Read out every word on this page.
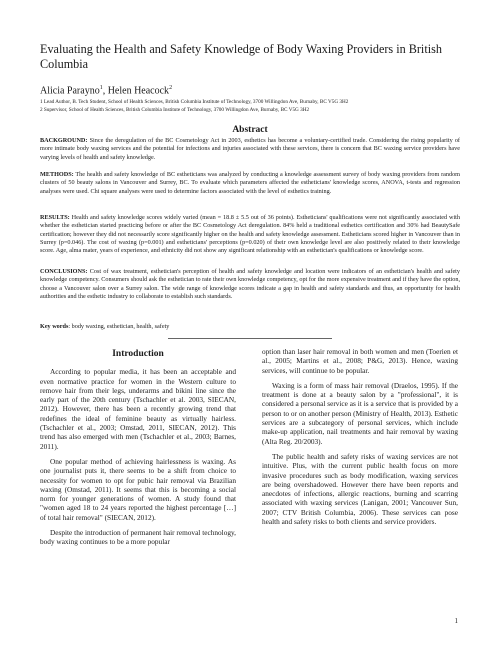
Evaluating the Health and Safety Knowledge of Body Waxing Providers in British Columbia
Alicia Parayno$^1$, Helen Heacock$^2$
1 Lead Author, B. Tech Student, School of Health Sciences, British Columbia Institute of Technology, 3700 Willingdon Ave, Burnaby, BC V5G 3H2
2 Supervisor, School of Health Sciences, British Columbia Institute of Technology, 3700 Willingdon Ave, Burnaby, BC V5G 3H2
Abstract

BACKGROUND: Since the deregulation of the BC Cosmetology Act in 2003, esthetics has become a voluntary-certified trade. Considering the rising popularity of more intimate body waxing services and the potential for infections and injuries associated with these services, there is concern that BC waxing service providers have varying levels of health and safety knowledge.

METHODS: The health and safety knowledge of BC estheticians was analyzed by conducting a knowledge assessment survey of body waxing providers from random clusters of 50 beauty salons in Vancouver and Surrey, BC. To evaluate which parameters affected the estheticians' knowledge scores, ANOVA, t-tests and regression analyses were used. Chi square analyses were used to determine factors associated with the level of esthetics training.

RESULTS: Health and safety knowledge scores widely varied (mean = 18.8 ± 5.5 out of 36 points). Estheticians' qualifications were not significantly associated with whether the esthetician started practicing before or after the BC Cosmetology Act deregulation. 84% held a traditional esthetics certification and 30% had BeautySafe certification; however they did not necessarily score significantly higher on the health and safety knowledge assessment. Estheticians scored higher in Vancouver than in Surrey (p=0.046). The cost of waxing (p=0.001) and estheticians' perceptions (p=0.020) of their own knowledge level are also positively related to their knowledge score. Age, alma mater, years of experience, and ethnicity did not show any significant relationship with an esthetician's qualifications or knowledge score.

CONCLUSIONS: Cost of wax treatment, esthetician's perception of health and safety knowledge and location were indicators of an esthetician's health and safety knowledge competency. Consumers should ask the esthetician to rate their own knowledge competency, opt for the more expensive treatment and if they have the option, choose a Vancouver salon over a Surrey salon. The wide range of knowledge scores indicate a gap in health and safety standards and thus, an opportunity for health authorities and the esthetic industry to collaborate to establish such standards.

Key words: body waxing, esthetician, health, safety

Introduction

According to popular media, it has been an acceptable and even normative practice for women in the Western culture to remove hair from their legs, underarms and bikini line since the early part of the 20th century (Tschachler et al. 2003, SIECAN, 2012). However, there has been a recently growing trend that redefines the ideal of feminine beauty as virtually hairless. (Tschachler et al., 2003; Omstad, 2011, SIECAN, 2012). This trend has also emerged with men (Tschachler et al., 2003; Barnes, 2011).

One popular method of achieving hairlessness is waxing. As one journalist puts it, there seems to be a shift from choice to necessity for women to opt for pubic hair removal via Brazilian waxing (Omstad, 2011). It seems that this is becoming a social norm for younger generations of women. A study found that "women aged 18 to 24 years reported the highest percentage […] of total hair removal" (SIECAN, 2012).

Despite the introduction of permanent hair removal technology, body waxing continues to be a more popular

option than laser hair removal in both women and men (Toerien et al., 2005; Martins et al., 2008; P&G, 2013). Hence, waxing services, will continue to be popular.

Waxing is a form of mass hair removal (Draelos, 1995). If the treatment is done at a beauty salon by a "professional", it is considered a personal service as it is a service that is provided by a person to or on another person (Ministry of Health, 2013). Esthetic services are a subcategory of personal services, which include make-up application, nail treatments and hair removal by waxing (Alta Reg. 20/2003).

The public health and safety risks of waxing services are not intuitive. Plus, with the current public health focus on more invasive procedures such as body modification, waxing services are being overshadowed. However there have been reports and anecdotes of infections, allergic reactions, burning and scarring associated with waxing services (Lanigan, 2001; Vancouver Sun, 2007; CTV British Columbia, 2006). These services can pose health and safety risks to both clients and service providers.

1
